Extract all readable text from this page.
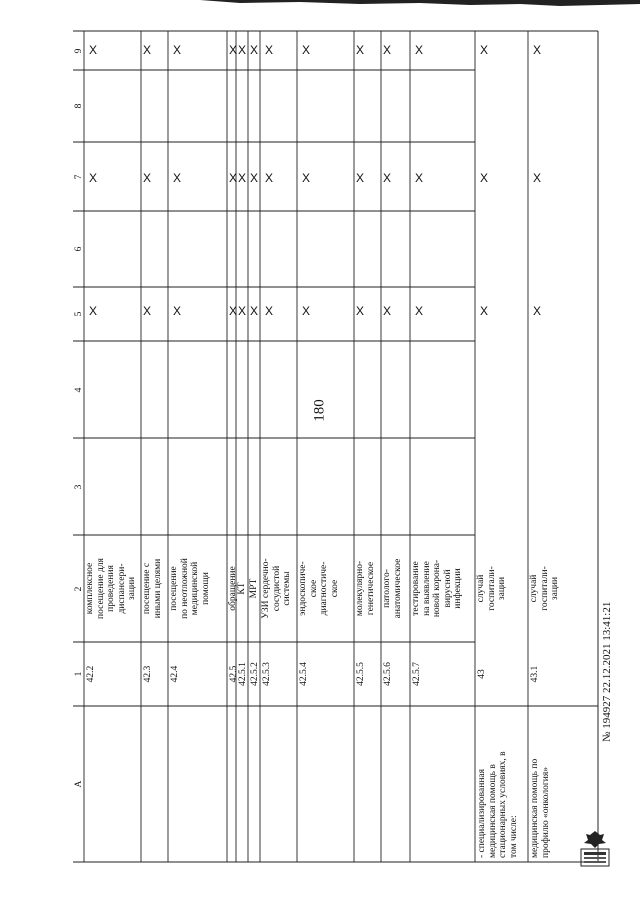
180
A
1
2
3
4
5
6
7
8
9
42.2
комплексное
посещение для
проведения
диспансери-
зации
X
X
X
42.3
посещение с
иными целями
X
X
X
42.4
посещение
по неотложной
медицинской
помощи
X
X
X
42.5
обращение
X
X
X
42.5.1
КТ
X
X
X
42.5.2
МРТ
X
X
X
42.5.3
УЗИ сердечно-
сосудистой
системы
X
X
X
42.5.4
эндоскопиче-
ское
диагностиче-
ское
X
X
X
42.5.5
молекулярно-
генетическое
X
X
X
42.5.6
патолого-
анатомическое
X
X
X
42.5.7
тестирование
на выявление
новой корона-
вирусной
инфекции
X
X
X
43
случай
госпитали-
зации
- специализированная
медицинская помощь в
стационарных условиях, в
том числе:
X
X
X
43.1
случай
госпитали-
зации
медицинская помощь по
профилю «онкология»
X
X
X
№ 194927 22.12.2021 13:41:21
